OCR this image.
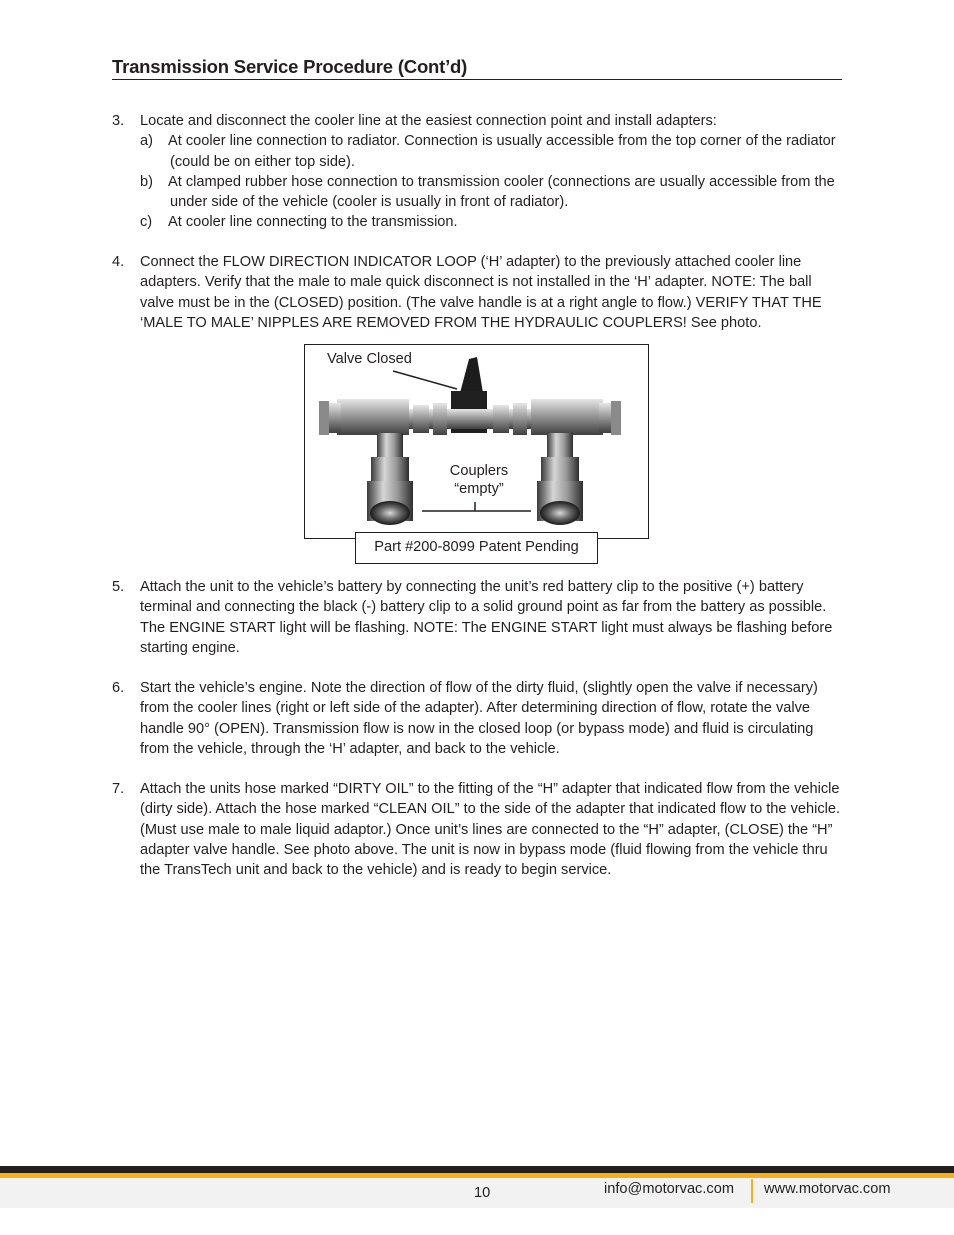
Transmission Service Procedure (Cont’d)
3. Locate and disconnect the cooler line at the easiest connection point and install adapters:
a) At cooler line connection to radiator. Connection is usually accessible from the top corner of the radiator (could be on either top side).
b) At clamped rubber hose connection to transmission cooler (connections are usually accessible from the under side of the vehicle (cooler is usually in front of radiator).
c) At cooler line connecting to the transmission.
4. Connect the FLOW DIRECTION INDICATOR LOOP (‘H’ adapter) to the previously attached cooler line adapters. Verify that the male to male quick disconnect is not installed in the ‘H’ adapter. NOTE: The ball valve must be in the (CLOSED) position. (The valve handle is at a right angle to flow.) VERIFY THAT THE ‘MALE TO MALE’ NIPPLES ARE REMOVED FROM THE HYDRAULIC COUPLERS! See photo.
Valve Closed
Couplers
“empty”
Part #200-8099 Patent Pending
5. Attach the unit to the vehicle’s battery by connecting the unit’s red battery clip to the positive (+) battery terminal and connecting the black (-) battery clip to a solid ground point as far from the battery as possible. The ENGINE START light will be flashing. NOTE: The ENGINE START light must always be flashing before starting engine.
6. Start the vehicle’s engine. Note the direction of flow of the dirty fluid, (slightly open the valve if necessary) from the cooler lines (right or left side of the adapter). After determining direction of flow, rotate the valve handle 90° (OPEN). Transmission flow is now in the closed loop (or bypass mode) and fluid is circulating from the vehicle, through the ‘H’ adapter, and back to the vehicle.
7. Attach the units hose marked “DIRTY OIL” to the fitting of the “H” adapter that indicated flow from the vehicle (dirty side). Attach the hose marked “CLEAN OIL” to the side of the adapter that indicated flow to the vehicle. (Must use male to male liquid adaptor.) Once unit’s lines are connected to the “H” adapter, (CLOSE) the “H” adapter valve handle. See photo above. The unit is now in bypass mode (fluid flowing from the vehicle thru the TransTech unit and back to the vehicle) and is ready to begin service.
10	info@motorvac.com www.motorvac.com
